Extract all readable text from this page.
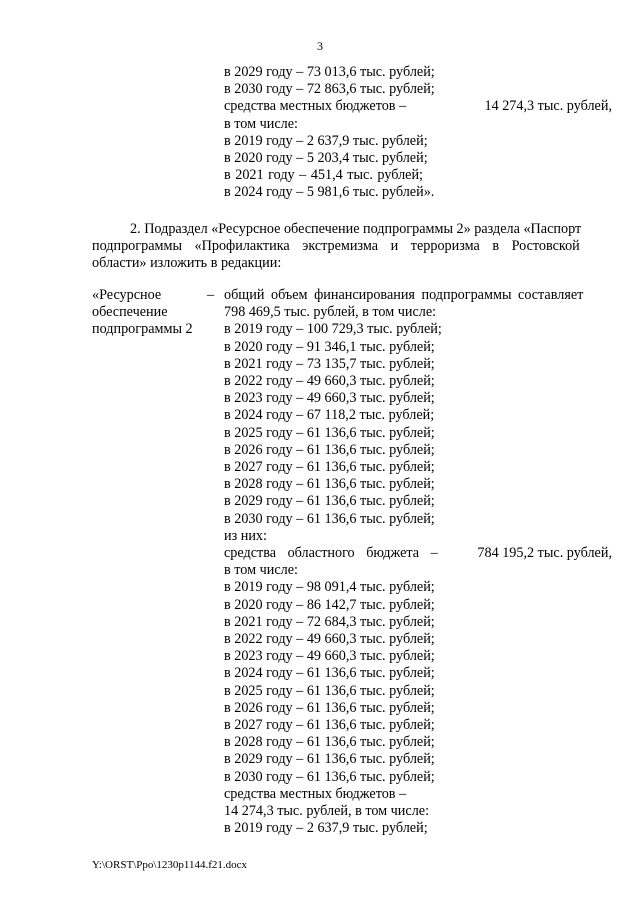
3
в 2029 году – 73 013,6 тыс. рублей;
в 2030 году – 72 863,6 тыс. рублей;
средства местных бюджетов –	14 274,3 тыс. рублей,
в том числе:
в 2019 году – 2 637,9 тыс. рублей;
в 2020 году – 5 203,4 тыс. рублей;
в 2021 году – 451,4 тыс. рублей;
в 2024 году – 5 981,6 тыс. рублей».

2. Подраздел «Ресурсное обеспечение подпрограммы 2» раздела «Паспорт

подпрограммы «Профилактика экстремизма и терроризма в Ростовской

области» изложить в редакции:

«Ресурсное
обеспечение
подпрограммы 2
– общий объем финансирования подпрограммы составляет
798 469,5 тыс. рублей, в том числе:
в 2019 году – 100 729,3 тыс. рублей;
в 2020 году – 91 346,1 тыс. рублей;
в 2021 году – 73 135,7 тыс. рублей;
в 2022 году – 49 660,3 тыс. рублей;
в 2023 году – 49 660,3 тыс. рублей;
в 2024 году – 67 118,2 тыс. рублей;
в 2025 году – 61 136,6 тыс. рублей;
в 2026 году – 61 136,6 тыс. рублей;
в 2027 году – 61 136,6 тыс. рублей;
в 2028 году – 61 136,6 тыс. рублей;
в 2029 году – 61 136,6 тыс. рублей;
в 2030 году – 61 136,6 тыс. рублей;
из них:
средства областного бюджета –	784 195,2 тыс. рублей,
в том числе:
в 2019 году – 98 091,4 тыс. рублей;
в 2020 году – 86 142,7 тыс. рублей;
в 2021 году – 72 684,3 тыс. рублей;
в 2022 году – 49 660,3 тыс. рублей;
в 2023 году – 49 660,3 тыс. рублей;
в 2024 году – 61 136,6 тыс. рублей;
в 2025 году – 61 136,6 тыс. рублей;
в 2026 году – 61 136,6 тыс. рублей;
в 2027 году – 61 136,6 тыс. рублей;
в 2028 году – 61 136,6 тыс. рублей;
в 2029 году – 61 136,6 тыс. рублей;
в 2030 году – 61 136,6 тыс. рублей;
средства местных бюджетов –
14 274,3 тыс. рублей, в том числе:
в 2019 году – 2 637,9 тыс. рублей;
Y:\ORST\Ppo\1230p1144.f21.docx
